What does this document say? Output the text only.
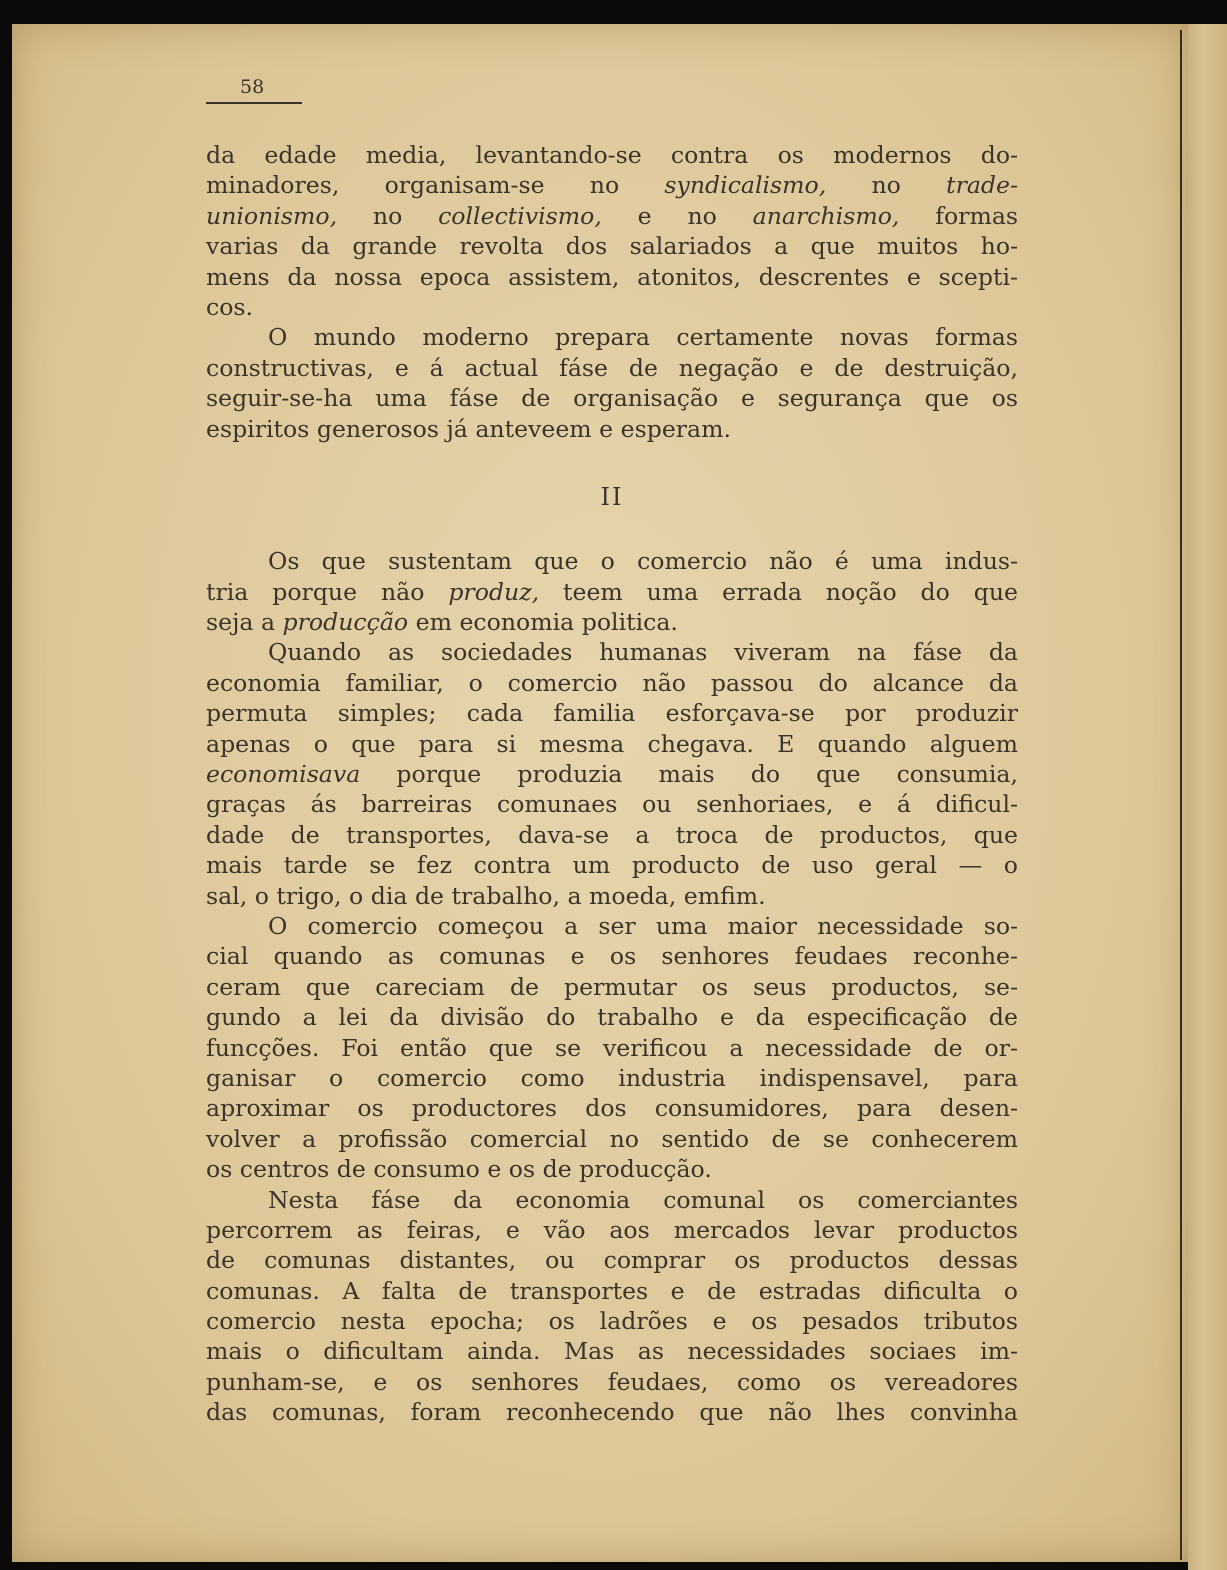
58
da edade media, levantando-se contra os modernos do-
minadores, organisam-se no syndicalismo, no trade-
unionismo, no collectivismo, e no anarchismo, formas
varias da grande revolta dos salariados a que muitos ho-
mens da nossa epoca assistem, atonitos, descrentes e scepti-
cos.
O mundo moderno prepara certamente novas formas
constructivas, e á actual fáse de negação e de destruição,
seguir-se-ha uma fáse de organisação e segurança que os
espiritos generosos já anteveem e esperam.
II
Os que sustentam que o comercio não é uma indus-
tria porque não produz, teem uma errada noção do que
seja a producção em economia politica.
Quando as sociedades humanas viveram na fáse da
economia familiar, o comercio não passou do alcance da
permuta simples; cada familia esforçava-se por produzir
apenas o que para si mesma chegava. E quando alguem
economisava porque produzia mais do que consumia,
graças ás barreiras comunaes ou senhoriaes, e á dificul-
dade de transportes, dava-se a troca de productos, que
mais tarde se fez contra um producto de uso geral — o
sal, o trigo, o dia de trabalho, a moeda, emfim.
O comercio começou a ser uma maior necessidade so-
cial quando as comunas e os senhores feudaes reconhe-
ceram que careciam de permutar os seus productos, se-
gundo a lei da divisão do trabalho e da especificação de
funcções. Foi então que se verificou a necessidade de or-
ganisar o comercio como industria indispensavel, para
aproximar os productores dos consumidores, para desen-
volver a profissão comercial no sentido de se conhecerem
os centros de consumo e os de producção.
Nesta fáse da economia comunal os comerciantes
percorrem as feiras, e vão aos mercados levar productos
de comunas distantes, ou comprar os productos dessas
comunas. A falta de transportes e de estradas dificulta o
comercio nesta epocha; os ladrões e os pesados tributos
mais o dificultam ainda. Mas as necessidades sociaes im-
punham-se, e os senhores feudaes, como os vereadores
das comunas, foram reconhecendo que não lhes convinha
